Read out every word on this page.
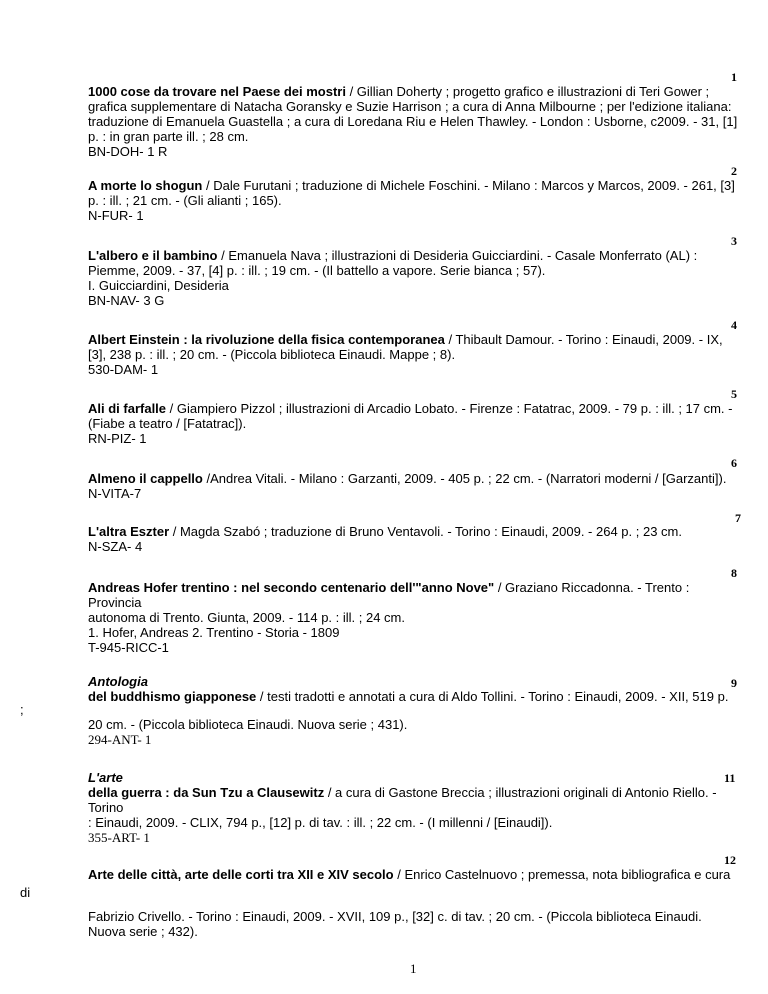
1
1000 cose da trovare nel Paese dei mostri / Gillian Doherty ; progetto grafico e illustrazioni di Teri Gower ;
grafica supplementare di Natacha Goransky e Suzie Harrison ; a cura di Anna Milbourne ; per l'edizione italiana:
traduzione di Emanuela Guastella ; a cura di Loredana Riu e Helen Thawley. - London : Usborne, c2009. - 31, [1]
p. : in gran parte ill. ; 28 cm.
BN-DOH- 1 R
2
A morte lo shogun / Dale Furutani ; traduzione di Michele Foschini. - Milano : Marcos y Marcos, 2009. - 261, [3]
p. : ill. ; 21 cm. - (Gli alianti ; 165).
N-FUR- 1
3
L'albero e il bambino / Emanuela Nava ; illustrazioni di Desideria Guicciardini. - Casale Monferrato (AL) :
Piemme, 2009. - 37, [4] p. : ill. ; 19 cm. - (Il battello a vapore. Serie bianca ; 57).
I. Guicciardini, Desideria
BN-NAV- 3 G
4
Albert Einstein : la rivoluzione della fisica contemporanea / Thibault Damour. - Torino : Einaudi, 2009. - IX,
[3], 238 p. : ill. ; 20 cm. - (Piccola biblioteca Einaudi. Mappe ; 8).
530-DAM- 1
5
Ali di farfalle / Giampiero Pizzol ; illustrazioni di Arcadio Lobato. - Firenze : Fatatrac, 2009. - 79 p. : ill. ; 17 cm. -
(Fiabe a teatro / [Fatatrac]).
RN-PIZ- 1
6
Almeno il cappello /Andrea Vitali. - Milano : Garzanti, 2009. - 405 p. ; 22 cm. - (Narratori moderni / [Garzanti]).
N-VITA-7
7
L'altra Eszter / Magda Szabó ; traduzione di Bruno Ventavoli. - Torino : Einaudi, 2009. - 264 p. ; 23 cm.
N-SZA- 4
8
Andreas Hofer trentino : nel secondo centenario dell'"anno Nove" / Graziano Riccadonna. - Trento :
Provincia
autonoma di Trento. Giunta, 2009. - 114 p. : ill. ; 24 cm.
1. Hofer, Andreas 2. Trentino - Storia - 1809
T-945-RICC-1
Antologia
del buddhismo giapponese / testi tradotti e annotati a cura di Aldo Tollini. - Torino : Einaudi, 2009. - XII, 519 p.
9
;
20 cm. - (Piccola biblioteca Einaudi. Nuova serie ; 431).
294-ANT- 1
L'arte
della guerra : da Sun Tzu a Clausewitz / a cura di Gastone Breccia ; illustrazioni originali di Antonio Riello. -
Torino
: Einaudi, 2009. - CLIX, 794 p., [12] p. di tav. : ill. ; 22 cm. - (I millenni / [Einaudi]).
355-ART- 1
11
12
Arte delle città, arte delle corti tra XII e XIV secolo / Enrico Castelnuovo ; premessa, nota bibliografica e cura
di
Fabrizio Crivello. - Torino : Einaudi, 2009. - XVII, 109 p., [32] c. di tav. ; 20 cm. - (Piccola biblioteca Einaudi.
Nuova serie ; 432).
1
